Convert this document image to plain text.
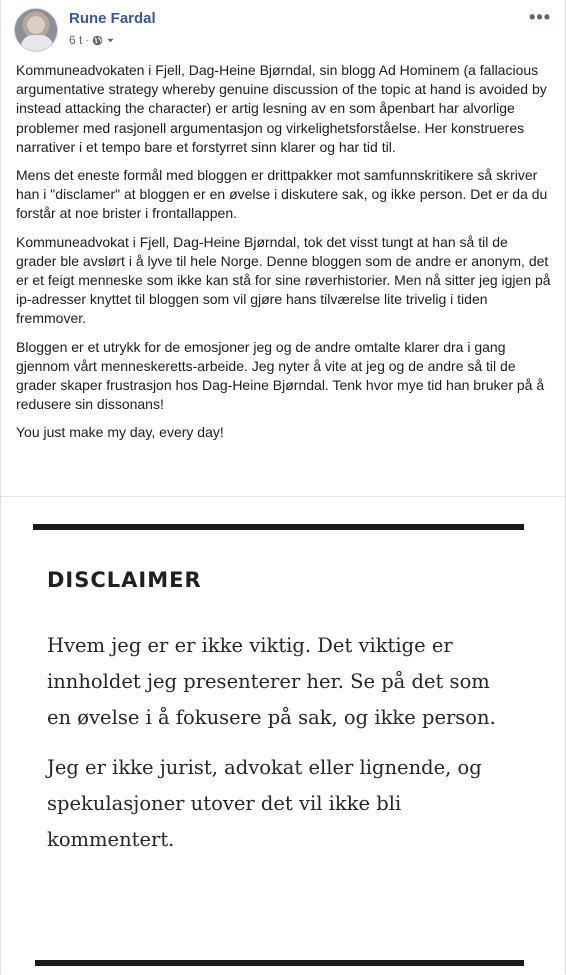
Rune Fardal
6 t ·
•••

Kommuneadvokaten i Fjell, Dag-Heine Bjørndal, sin blogg Ad Hominem (a fallacious argumentative strategy whereby genuine discussion of the topic at hand is avoided by instead attacking the character) er artig lesning av en som åpenbart har alvorlige problemer med rasjonell argumentasjon og virkelighetsforståelse. Her konstrueres narrativer i et tempo bare et forstyrret sinn klarer og har tid til.

Mens det eneste formål med bloggen er drittpakker mot samfunnskritikere så skriver han i "disclamer" at bloggen er en øvelse i diskutere sak, og ikke person. Det er da du forstår at noe brister i frontallappen.

Kommuneadvokat i Fjell, Dag-Heine Bjørndal, tok det visst tungt at han så til de grader ble avslørt i å lyve til hele Norge. Denne bloggen som de andre er anonym, det er et feigt menneske som ikke kan stå for sine røverhistorier. Men nå sitter jeg igjen på ip-adresser knyttet til bloggen som vil gjøre hans tilværelse lite trivelig i tiden fremmover.

Bloggen er et utrykk for de emosjoner jeg og de andre omtalte klarer dra i gang gjennom vårt menneskeretts-arbeide. Jeg nyter å vite at jeg og de andre så til de grader skaper frustrasjon hos Dag-Heine Bjørndal. Tenk hvor mye tid han bruker på å redusere sin dissonans!

You just make my day, every day!

DISCLAIMER
Hvem jeg er er ikke viktig. Det viktige er innholdet jeg presenterer her. Se på det som en øvelse i å fokusere på sak, og ikke person.
Jeg er ikke jurist, advokat eller lignende, og spekulasjoner utover det vil ikke bli kommentert.
